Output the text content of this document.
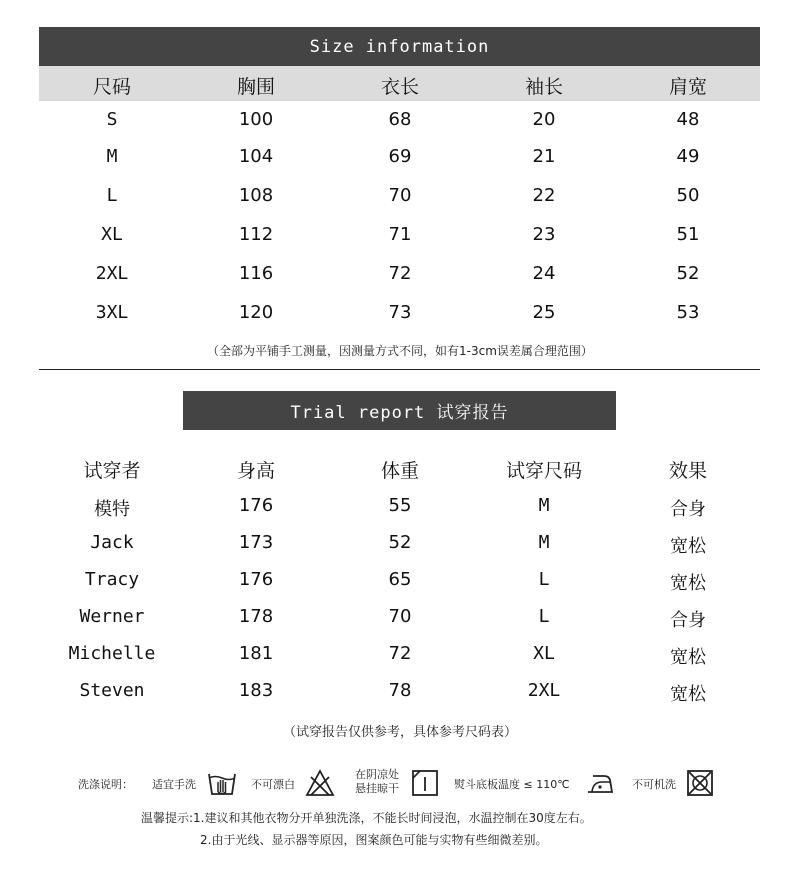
Size information
尺码	胸围	衣长	袖长	肩宽
S	100	68	20	48
M	104	69	21	49
L	108	70	22	50
XL	112	71	23	51
2XL	116	72	24	52
3XL	120	73	25	53
（全部为平铺手工测量，因测量方式不同，如有1-3cm误差属合理范围）
Trial report 试穿报告
试穿者	身高	体重	试穿尺码	效果
模特	176	55	M	合身
Jack	173	52	M	宽松
Tracy	176	65	L	宽松
Werner	178	70	L	合身
Michelle	181	72	XL	宽松
Steven	183	78	2XL	宽松
（试穿报告仅供参考，具体参考尺码表）
洗涤说明： 适宜手洗	不可漂白
在阴凉处
悬挂晾干	熨斗底板温度 ≤ 110℃	不可机洗
温馨提示:1.建议和其他衣物分开单独洗涤，不能长时间浸泡，水温控制在30度左右。
2.由于光线、显示器等原因，图案颜色可能与实物有些细微差别。
